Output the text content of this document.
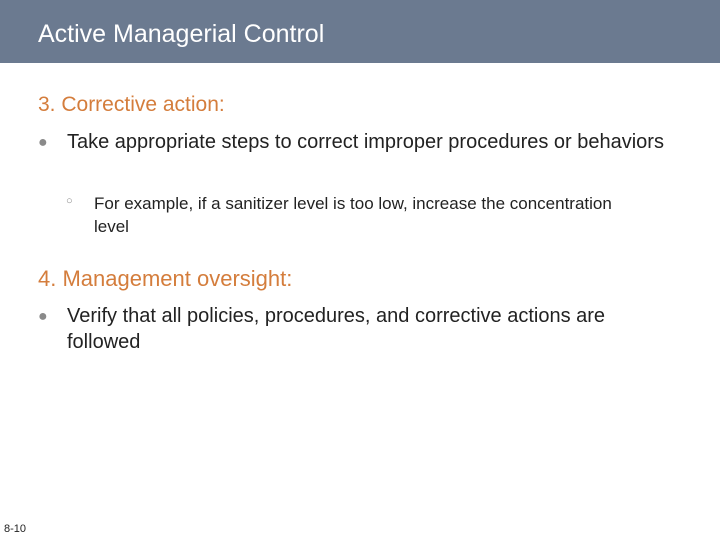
Active Managerial Control
3. Corrective action:
● Take appropriate steps to correct improper procedures or behaviors
○ For example, if a sanitizer level is too low, increase the concentration level
4. Management oversight:
● Verify that all policies, procedures, and corrective actions are followed
8-10
